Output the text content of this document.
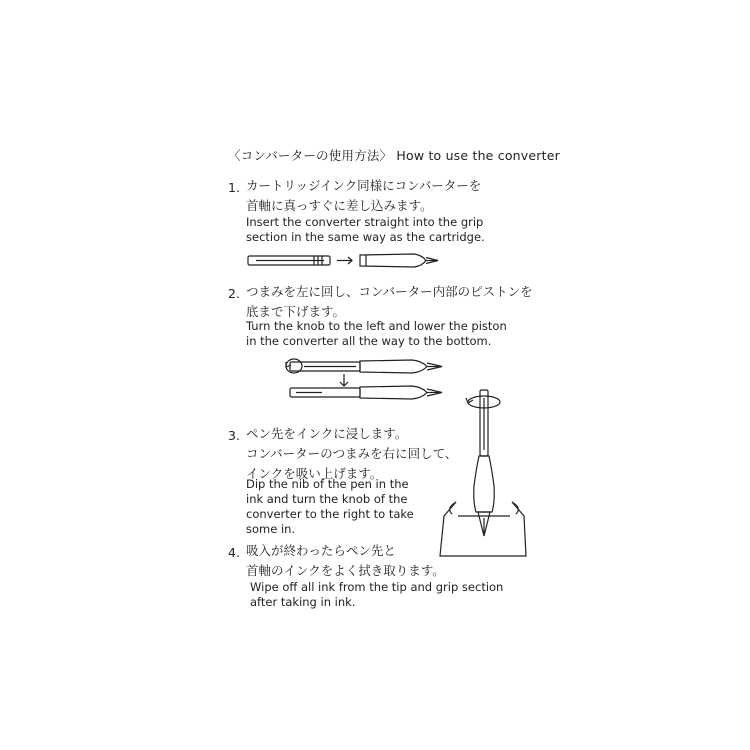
〈コンバーターの使用方法〉 How to use the converter
1. カートリッジインク同様にコンバーターを
首軸に真っすぐに差し込みます。
Insert the converter straight into the grip
section in the same way as the cartridge.
2. つまみを左に回し、コンバーター内部のピストンを
底まで下げます。
Turn the knob to the left and lower the piston
in the converter all the way to the bottom.
3. ペン先をインクに浸します。
コンバーターのつまみを右に回して、
インクを吸い上げます。
Dip the nib of the pen in the
ink and turn the knob of the
converter to the right to take
some in.
4. 吸入が終わったらペン先と
首軸のインクをよく拭き取ります。
Wipe off all ink from the tip and grip section
after taking in ink.
